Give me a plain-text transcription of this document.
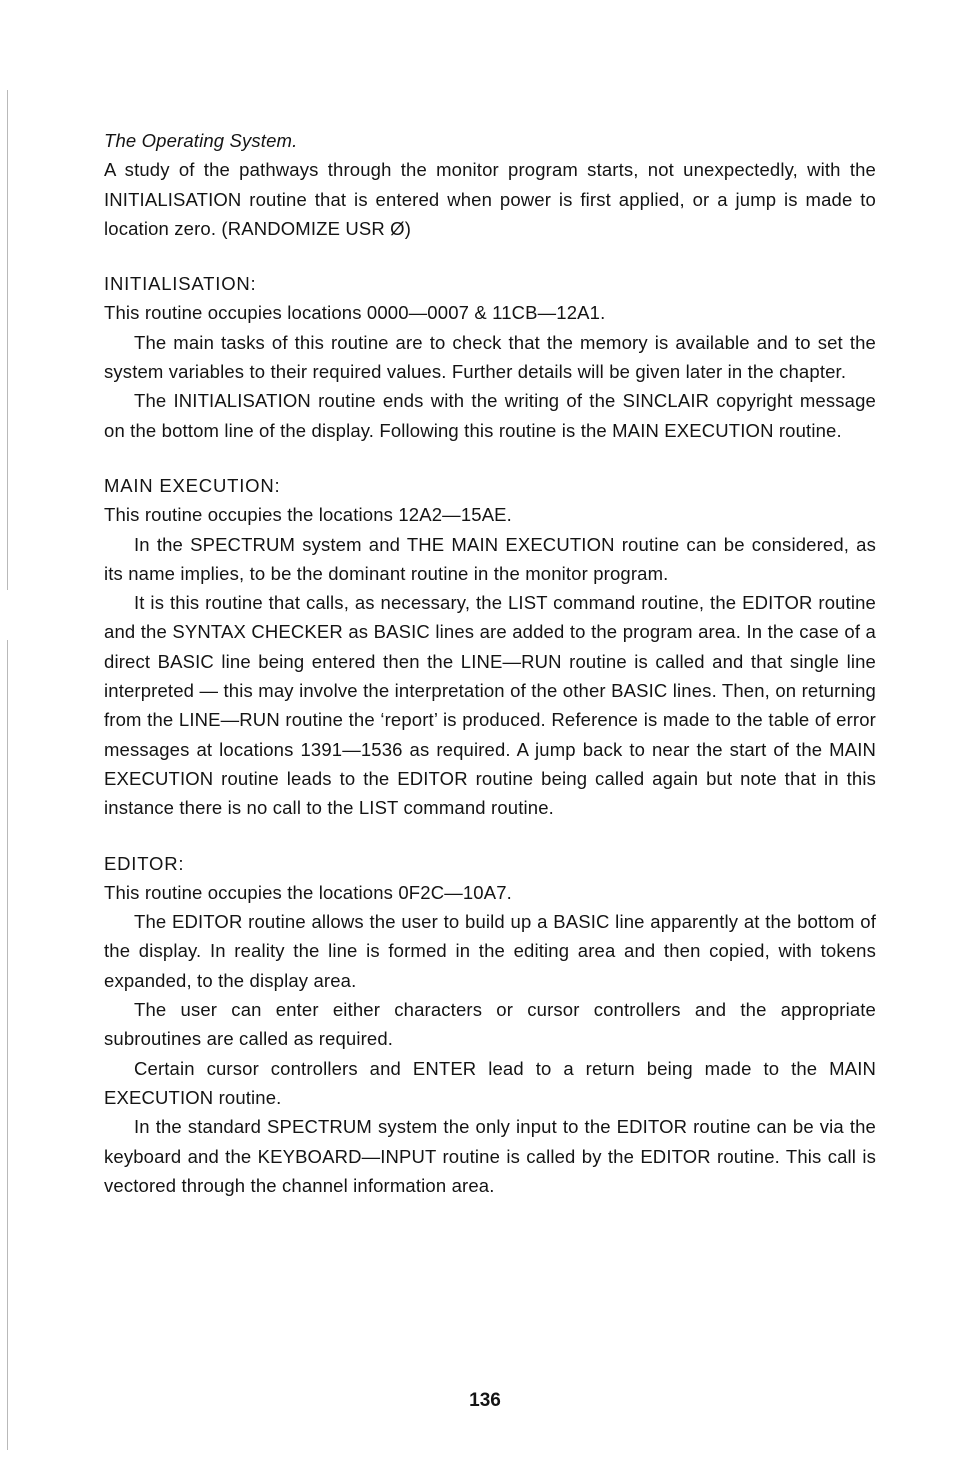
The Operating System.

A study of the pathways through the monitor program starts, not unexpectedly, with the INITIALISATION routine that is entered when power is first applied, or a jump is made to location zero. (RANDOMIZE USR Ø)

INITIALISATION:

This routine occupies locations 0000—0007 & 11CB—12A1.

The main tasks of this routine are to check that the memory is available and to set the system variables to their required values. Further details will be given later in the chapter.

The INITIALISATION routine ends with the writing of the SINCLAIR copyright message on the bottom line of the display. Following this routine is the MAIN EXECUTION routine.

MAIN EXECUTION:

This routine occupies the locations 12A2—15AE.

In the SPECTRUM system and THE MAIN EXECUTION routine can be considered, as its name implies, to be the dominant routine in the monitor program.

It is this routine that calls, as necessary, the LIST command routine, the EDITOR routine and the SYNTAX CHECKER as BASIC lines are added to the program area. In the case of a direct BASIC line being entered then the LINE—RUN routine is called and that single line interpreted — this may involve the interpretation of the other BASIC lines. Then, on returning from the LINE—RUN routine the ‘report’ is produced. Reference is made to the table of error messages at locations 1391—1536 as required. A jump back to near the start of the MAIN EXECUTION routine leads to the EDITOR routine being called again but note that in this instance there is no call to the LIST command routine.

EDITOR:

This routine occupies the locations 0F2C—10A7.

The EDITOR routine allows the user to build up a BASIC line apparently at the bottom of the display. In reality the line is formed in the editing area and then copied, with tokens expanded, to the display area.

The user can enter either characters or cursor controllers and the appropriate subroutines are called as required.

Certain cursor controllers and ENTER lead to a return being made to the MAIN EXECUTION routine.

In the standard SPECTRUM system the only input to the EDITOR routine can be via the keyboard and the KEYBOARD—INPUT routine is called by the EDITOR routine. This call is vectored through the channel information area.

136
